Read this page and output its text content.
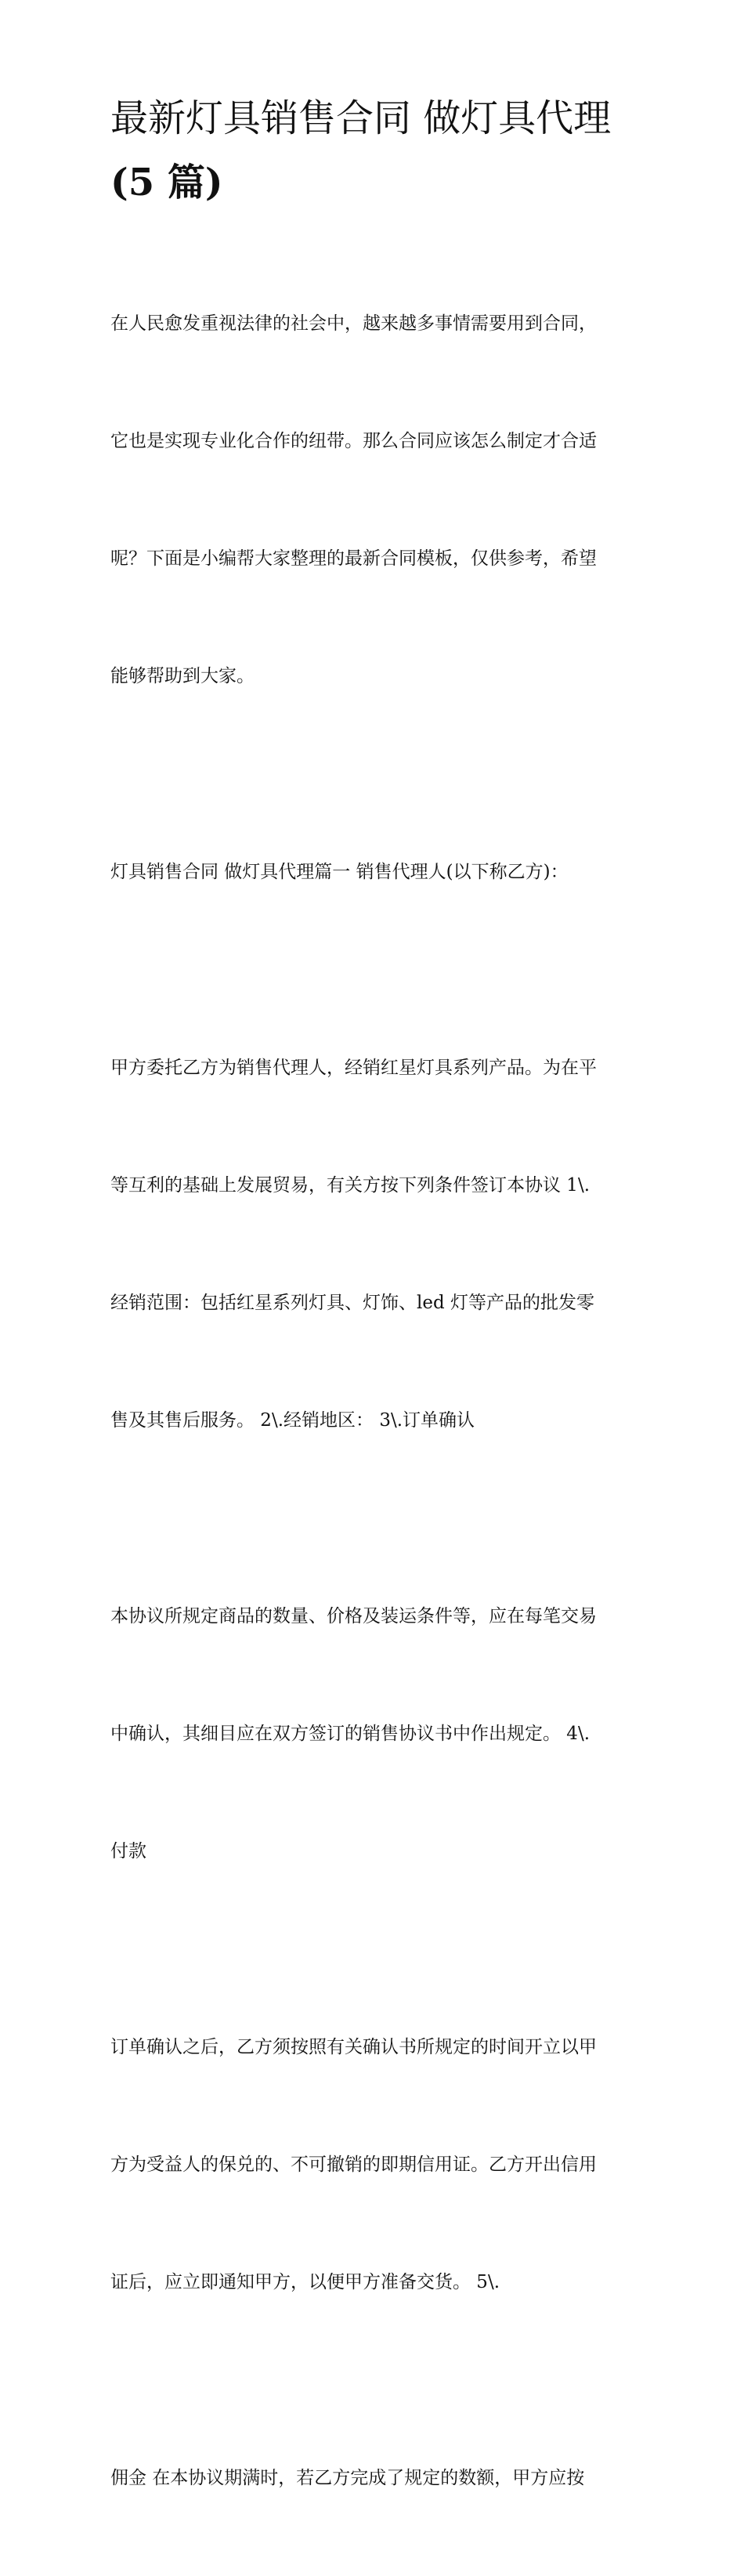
最新灯具销售合同 做灯具代理
(5 篇)

在人民愈发重视法律的社会中，越来越多事情需要用到合同，

它也是实现专业化合作的纽带。那么合同应该怎么制定才合适

呢？下面是小编帮大家整理的最新合同模板，仅供参考，希望

能够帮助到大家。

灯具销售合同 做灯具代理篇一 销售代理人(以下称乙方)：

甲方委托乙方为销售代理人，经销红星灯具系列产品。为在平

等互利的基础上发展贸易，有关方按下列条件签订本协议 1\.

经销范围：包括红星系列灯具、灯饰、led 灯等产品的批发零

售及其售后服务。 2\.经销地区： 3\.订单确认

本协议所规定商品的数量、价格及装运条件等，应在每笔交易

中确认，其细目应在双方签订的销售协议书中作出规定。 4\.

付款

订单确认之后，乙方须按照有关确认书所规定的时间开立以甲

方为受益人的保兑的、不可撤销的即期信用证。乙方开出信用

证后，应立即通知甲方，以便甲方准备交货。 5\.

佣金 在本协议期满时，若乙方完成了规定的数额，甲方应按
